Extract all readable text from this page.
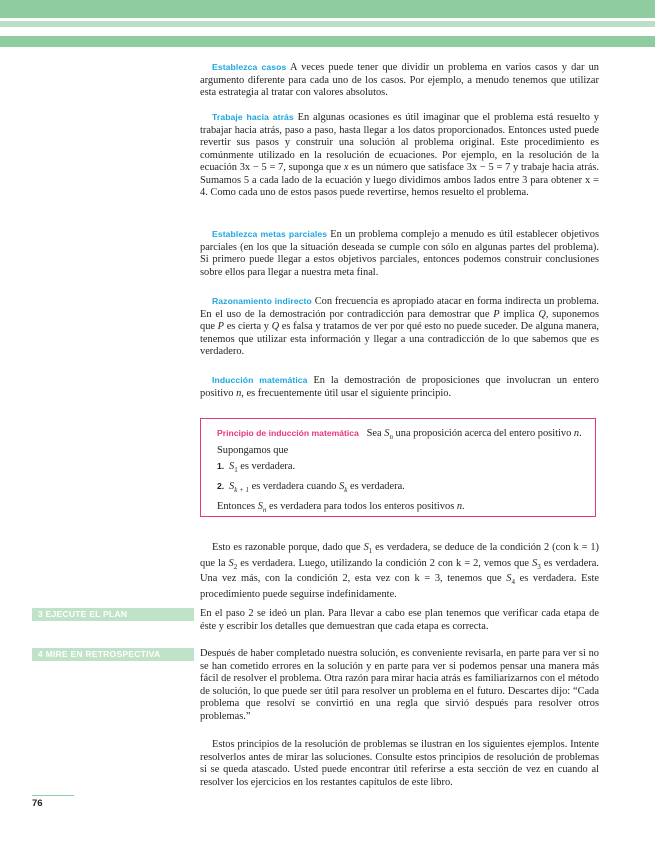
Establezca casos A veces puede tener que dividir un problema en varios casos y dar un argumento diferente para cada uno de los casos. Por ejemplo, a menudo tenemos que utilizar esta estrategia al tratar con valores absolutos.

Trabaje hacia atrás En algunas ocasiones es útil imaginar que el problema está resuelto y trabajar hacia atrás, paso a paso, hasta llegar a los datos proporcionados. Entonces usted puede revertir sus pasos y construir una solución al problema original. Este procedimiento es comúnmente utilizado en la resolución de ecuaciones. Por ejemplo, en la resolución de la ecuación 3x − 5 = 7, suponga que x es un número que satisface 3x − 5 = 7 y trabaje hacia atrás. Sumamos 5 a cada lado de la ecuación y luego dividimos ambos lados entre 3 para obtener x = 4. Como cada uno de estos pasos puede revertirse, hemos resuelto el problema.

Establezca metas parciales En un problema complejo a menudo es útil establecer objetivos parciales (en los que la situación deseada se cumple con sólo en algunas partes del problema). Si primero puede llegar a estos objetivos parciales, entonces podemos construir conclusiones sobre ellos para llegar a nuestra meta final.

Razonamiento indirecto Con frecuencia es apropiado atacar en forma indirecta un problema. En el uso de la demostración por contradicción para demostrar que P implica Q, suponemos que P es cierta y Q es falsa y tratamos de ver por qué esto no puede suceder. De alguna manera, tenemos que utilizar esta información y llegar a una contradicción de lo que sabemos que es verdadero.

Inducción matemática En la demostración de proposiciones que involucran un entero positivo n, es frecuentemente útil usar el siguiente principio.

Principio de inducción matemática Sea $S_n$ una proposición acerca del entero positivo n.
Supongamos que
1. $S_1$ es verdadera.
2. $S_{k + 1}$ es verdadera cuando $S_k$ es verdadera.
Entonces $S_n$ es verdadera para todos los enteros positivos n.

Esto es razonable porque, dado que $S_1$ es verdadera, se deduce de la condición 2 (con k = 1) que la $S_2$ es verdadera. Luego, utilizando la condición 2 con k = 2, vemos que $S_3$ es verdadera. Una vez más, con la condición 2, esta vez con k = 3, tenemos que $S_4$ es verdadera. Este procedimiento puede seguirse indefinidamente.

3 EJECUTE EL PLAN	En el paso 2 se ideó un plan. Para llevar a cabo ese plan tenemos que verificar cada etapa de éste y escribir los detalles que demuestran que cada etapa es correcta.

4 MIRE EN RETROSPECTIVA	Después de haber completado nuestra solución, es conveniente revisarla, en parte para ver si no se han cometido errores en la solución y en parte para ver si podemos pensar una manera más fácil de resolver el problema. Otra razón para mirar hacia atrás es familiarizarnos con el método de solución, lo que puede ser útil para resolver un problema en el futuro. Descartes dijo: “Cada problema que resolví se convirtió en una regla que sirvió después para resolver otros problemas.”

Estos principios de la resolución de problemas se ilustran en los siguientes ejemplos. Intente resolverlos antes de mirar las soluciones. Consulte estos principios de resolución de problemas si se queda atascado. Usted puede encontrar útil referirse a esta sección de vez en cuando al resolver los ejercicios en los restantes capítulos de este libro.

76
